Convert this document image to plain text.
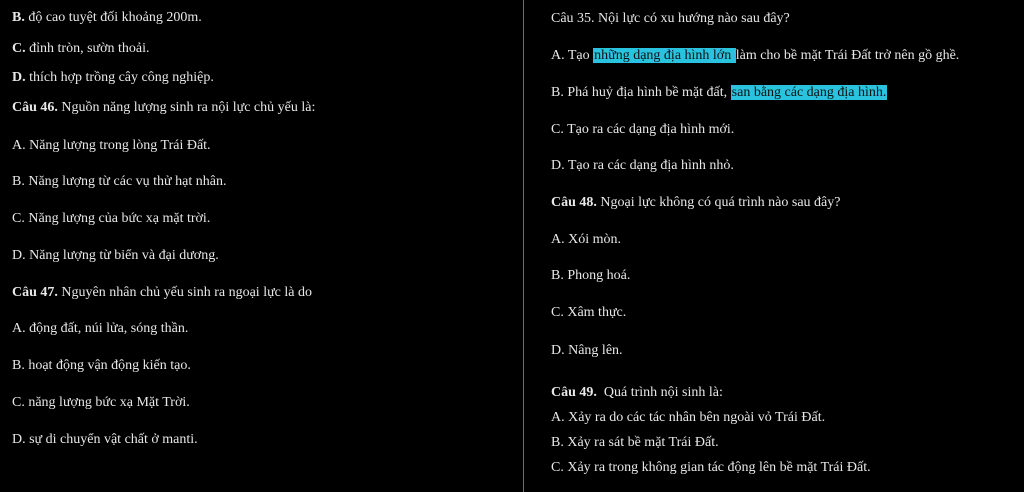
B. độ cao tuyệt đối khoảng 200m.
C. đỉnh tròn, sườn thoải.
D. thích hợp trồng cây công nghiệp.
Câu 46. Nguồn năng lượng sinh ra nội lực chủ yếu là:
A. Năng lượng trong lòng Trái Đất.
B. Năng lượng từ các vụ thử hạt nhân.
C. Năng lượng của bức xạ mặt trời.
D. Năng lượng từ biển và đại dương.
Câu 47. Nguyên nhân chủ yếu sinh ra ngoại lực là do
A. động đất, núi lửa, sóng thần.
B. hoạt động vận động kiến tạo.
C. năng lượng bức xạ Mặt Trời.
D. sự di chuyển vật chất ở manti.
Câu 35. Nội lực có xu hướng nào sau đây?
A. Tạo những dạng địa hình lớn làm cho bề mặt Trái Đất trở nên gồ ghề.
B. Phá huỷ địa hình bề mặt đất, san bằng các dạng địa hình.
C. Tạo ra các dạng địa hình mới.
D. Tạo ra các dạng địa hình nhỏ.
Câu 48. Ngoại lực không có quá trình nào sau đây?
A. Xói mòn.
B. Phong hoá.
C. Xâm thực.
D. Nâng lên.
Câu 49.  Quá trình nội sinh là:
A. Xảy ra do các tác nhân bên ngoài vỏ Trái Đất.
B. Xảy ra sát bề mặt Trái Đất.
C. Xảy ra trong không gian tác động lên bề mặt Trái Đất.
